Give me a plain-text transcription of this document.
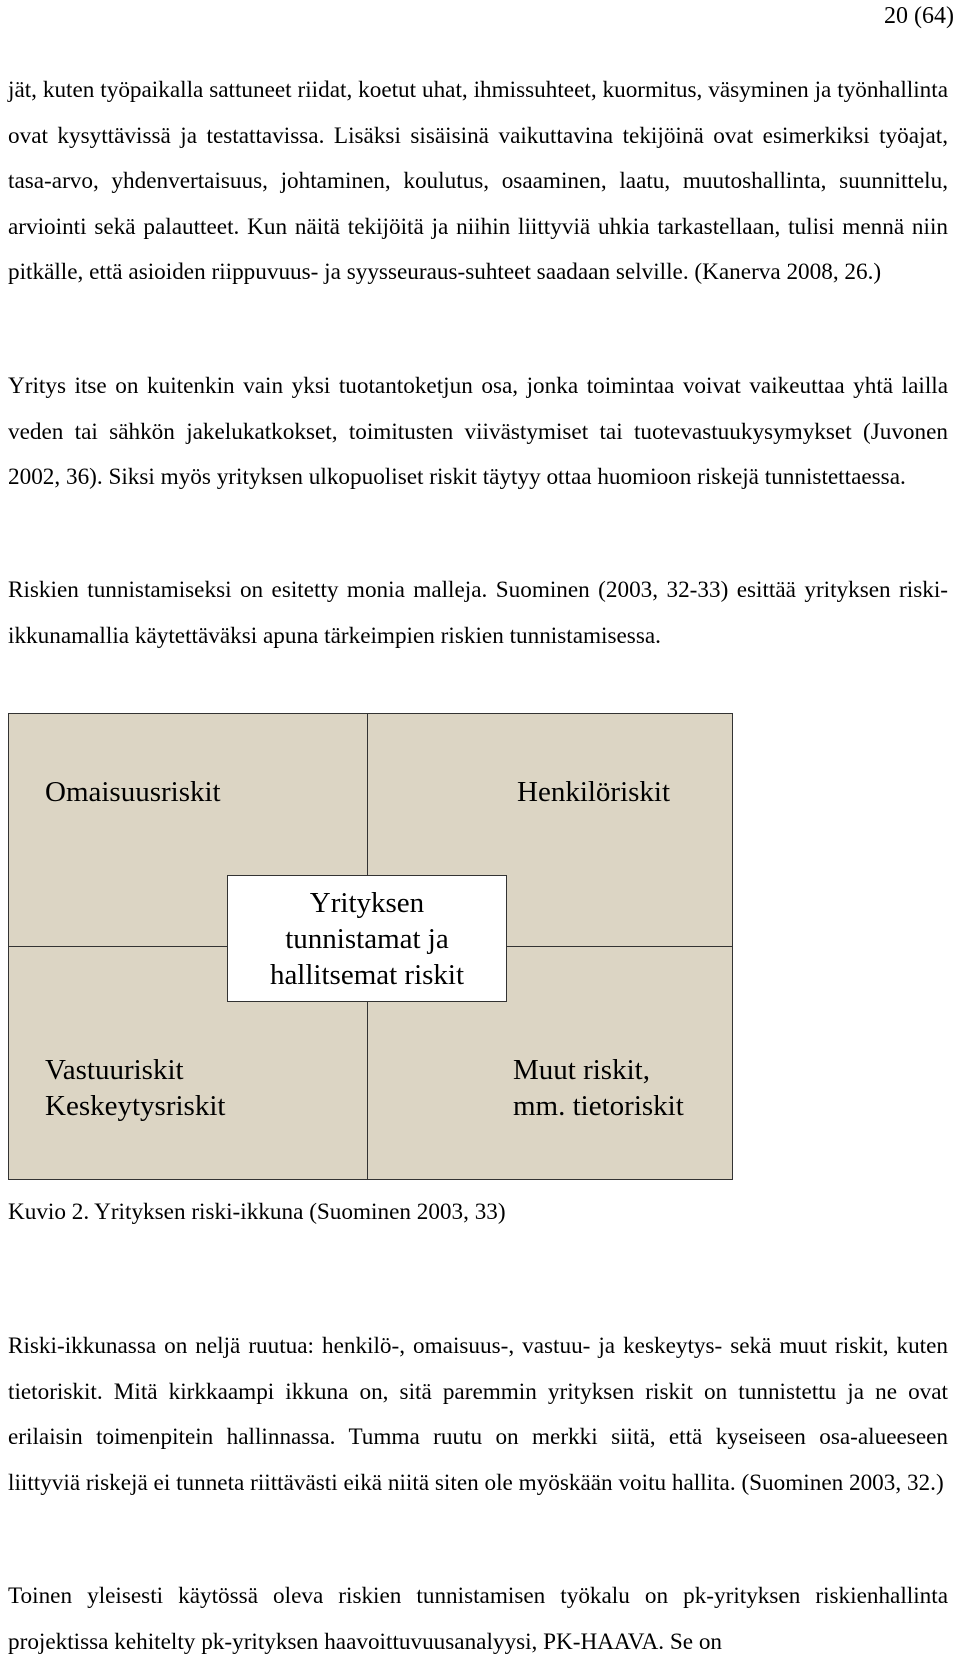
20 (64)

jät, kuten työpaikalla sattuneet riidat, koetut uhat, ihmissuhteet, kuormitus, väsyminen ja työnhallinta ovat kysyttävissä ja testattavissa. Lisäksi sisäisinä vaikuttavina tekijöinä ovat esimerkiksi työajat, tasa-arvo, yhdenvertaisuus, johtaminen, koulutus, osaaminen, laatu, muutoshallinta, suunnittelu, arviointi sekä palautteet. Kun näitä tekijöitä ja niihin liittyviä uhkia tarkastellaan, tulisi mennä niin pitkälle, että asioiden riippuvuus- ja syysseuraus-suhteet saadaan selville. (Kanerva 2008, 26.)

Yritys itse on kuitenkin vain yksi tuotantoketjun osa, jonka toimintaa voivat vaikeuttaa yhtä lailla veden tai sähkön jakelukatkokset, toimitusten viivästymiset tai tuotevastuukysymykset (Juvonen 2002, 36). Siksi myös yrityksen ulkopuoliset riskit täytyy ottaa huomioon riskejä tunnistettaessa.

Riskien tunnistamiseksi on esitetty monia malleja. Suominen (2003, 32-33) esittää yrityksen riski-ikkunamallia käytettäväksi apuna tärkeimpien riskien tunnistamisessa.

Omaisuusriskit	Henkilöriskit
Vastuuriskit
Keskeytysriskit
Muut riskit,
mm. tietoriskit
Yrityksen
tunnistamat ja
hallitsemat riskit
Kuvio 2. Yrityksen riski-ikkuna (Suominen 2003, 33)

Riski-ikkunassa on neljä ruutua: henkilö-, omaisuus-, vastuu- ja keskeytys- sekä muut riskit, kuten tietoriskit. Mitä kirkkaampi ikkuna on, sitä paremmin yrityksen riskit on tunnistettu ja ne ovat erilaisin toimenpitein hallinnassa. Tumma ruutu on merkki siitä, että kyseiseen osa-alueeseen liittyviä riskejä ei tunneta riittävästi eikä niitä siten ole myöskään voitu hallita. (Suominen 2003, 32.)

Toinen yleisesti käytössä oleva riskien tunnistamisen työkalu on pk-yrityksen riskienhallinta projektissa kehitelty pk-yrityksen haavoittuvuusanalyysi, PK-HAAVA. Se on
